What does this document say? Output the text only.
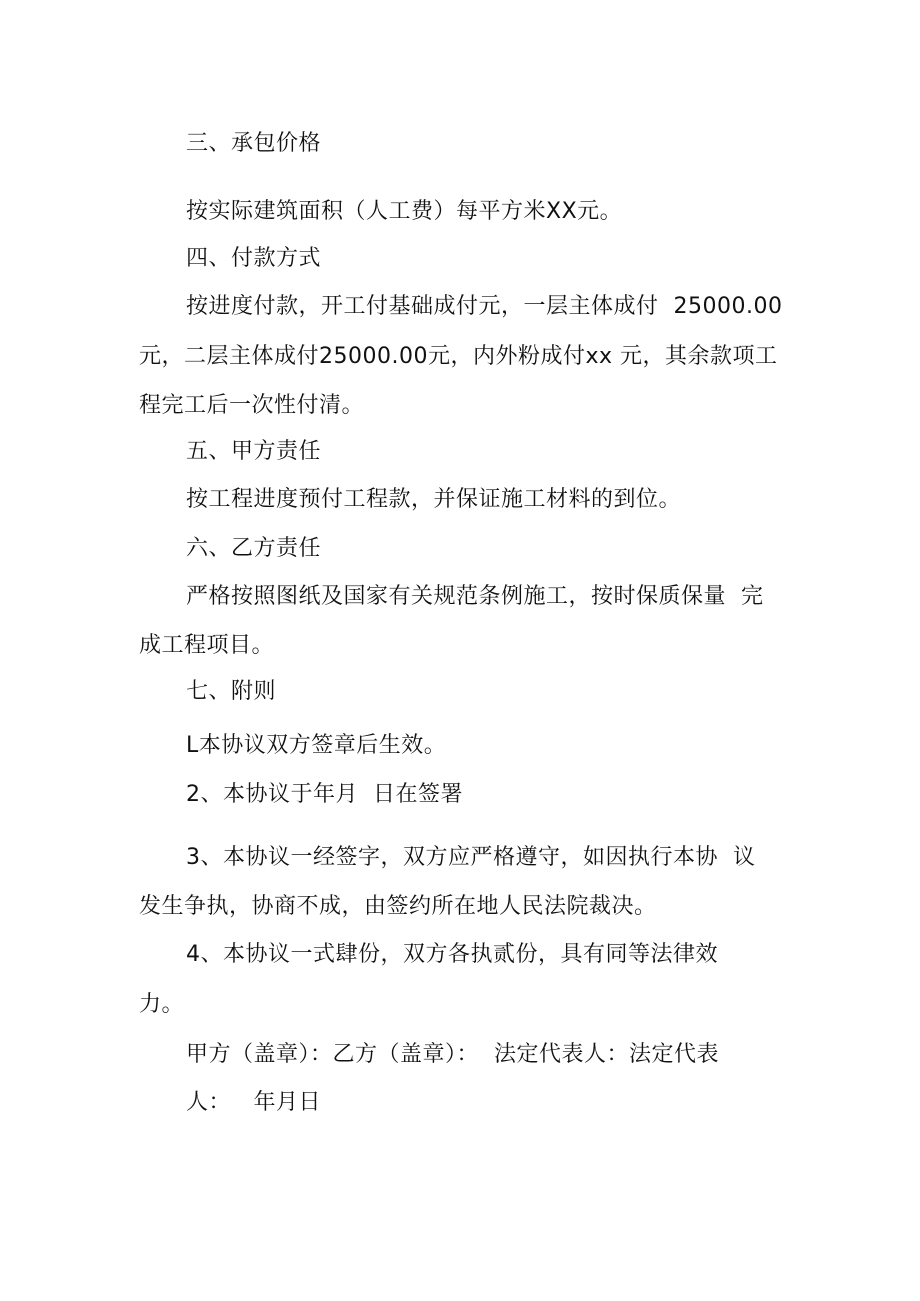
三、承包价格
按实际建筑面积（人工费）每平方米XX元。
四、付款方式
按进度付款，开工付基础成付元，一层主体成付  25000.00
元，二层主体成付25000.00元，内外粉成付xx 元，其余款项工
程完工后一次性付清。
五、甲方责任
按工程进度预付工程款，并保证施工材料的到位。
六、乙方责任
严格按照图纸及国家有关规范条例施工，按时保质保量  完
成工程项目。
七、附则
L本协议双方签章后生效。
2、本协议于年月  日在签署
3、本协议一经签字，双方应严格遵守，如因执行本协  议
发生争执，协商不成，由签约所在地人民法院裁决。
4、本协议一式肆份，双方各执贰份，具有同等法律效
力。
甲方（盖章）：乙方（盖章）：  法定代表人：法定代表
人：   年月日
